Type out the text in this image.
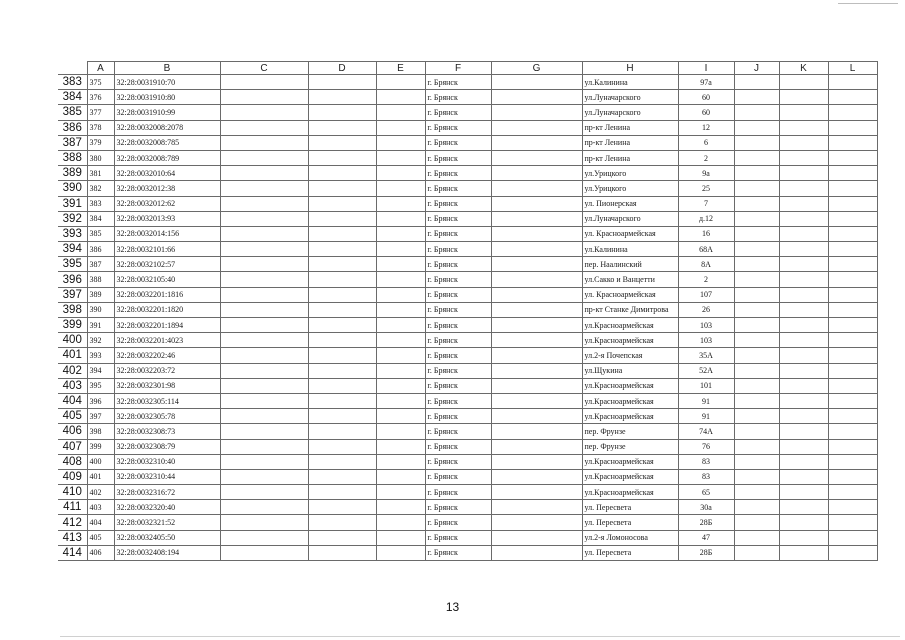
	A	B	C	D	E	F	G	H	I	J	K	L
383	375	32:28:0031910:70				г. Брянск		ул.Калинина	97а			
384	376	32:28:0031910:80				г. Брянск		ул.Луначарского	60			
385	377	32:28:0031910:99				г. Брянск		ул.Луначарского	60			
386	378	32:28:0032008:2078				г. Брянск		пр-кт Ленина	12			
387	379	32:28:0032008:785				г. Брянск		пр-кт Ленина	6			
388	380	32:28:0032008:789				г. Брянск		пр-кт Ленина	2			
389	381	32:28:0032010:64				г. Брянск		ул.Урицкого	9а			
390	382	32:28:0032012:38				г. Брянск		ул.Урицкого	25			
391	383	32:28:0032012:62				г. Брянск		ул. Пионерская	7			
392	384	32:28:0032013:93				г. Брянск		ул.Луначарского	д.12			
393	385	32:28:0032014:156				г. Брянск		ул. Красноармейская	16			
394	386	32:28:0032101:66				г. Брянск		ул.Калинина	68А			
395	387	32:28:0032102:57				г. Брянск		пер. Наалинский	8А			
396	388	32:28:0032105:40				г. Брянск		ул.Сакко и Ванцетти	2			
397	389	32:28:0032201:1816				г. Брянск		ул. Красноармейская	107			
398	390	32:28:0032201:1820				г. Брянск		пр-кт Станке Димитрова	26			
399	391	32:28:0032201:1894				г. Брянск		ул.Красноармейская	103			
400	392	32:28:0032201:4023				г. Брянск		ул.Красноармейская	103			
401	393	32:28:0032202:46				г. Брянск		ул.2-я Почепская	35А			
402	394	32:28:0032203:72				г. Брянск		ул.Щукина	52А			
403	395	32:28:0032301:98				г. Брянск		ул.Красноармейская	101			
404	396	32:28:0032305:114				г. Брянск		ул.Красноармейская	91			
405	397	32:28:0032305:78				г. Брянск		ул.Красноармейская	91			
406	398	32:28:0032308:73				г. Брянск		пер. Фрунзе	74А			
407	399	32:28:0032308:79				г. Брянск		пер. Фрунзе	76			
408	400	32:28:0032310:40				г. Брянск		ул.Красноармейская	83			
409	401	32:28:0032310:44				г. Брянск		ул.Красноармейская	83			
410	402	32:28:0032316:72				г. Брянск		ул.Красноармейская	65			
411	403	32:28:0032320:40				г. Брянск		ул. Пересвета	30а			
412	404	32:28:0032321:52				г. Брянск		ул. Пересвета	28Б			
413	405	32:28:0032405:50				г. Брянск		ул.2-я Ломоносова	47			
414	406	32:28:0032408:194				г. Брянск		ул. Пересвета	28Б			
13
